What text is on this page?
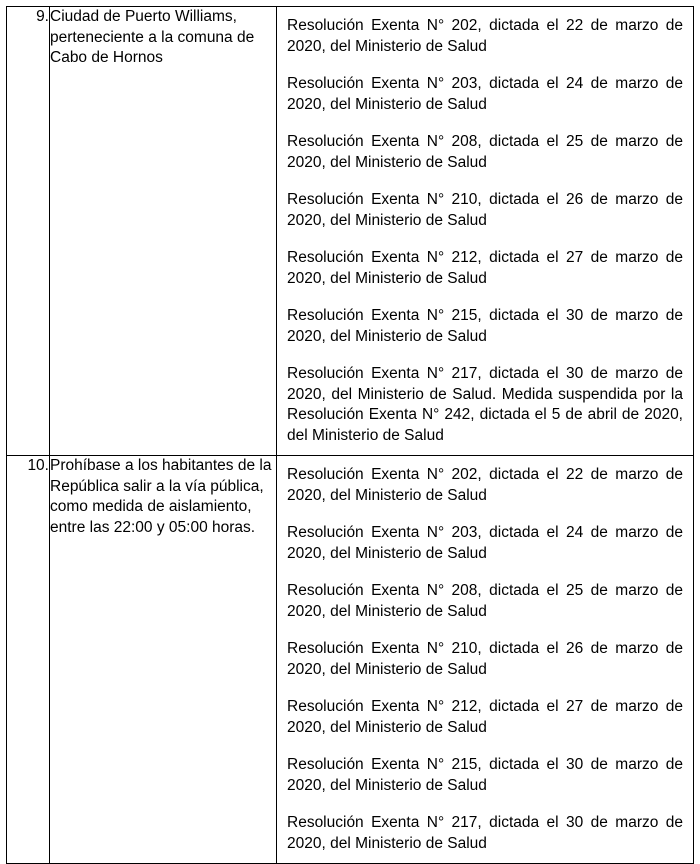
9.	Ciudad de Puerto Williams, perteneciente a la comuna de Cabo de Hornos

Resolución Exenta N° 202, dictada el 22 de marzo de 2020, del Ministerio de Salud
Resolución Exenta N° 203, dictada el 24 de marzo de 2020, del Ministerio de Salud
Resolución Exenta N° 208, dictada el 25 de marzo de 2020, del Ministerio de Salud
Resolución Exenta N° 210, dictada el 26 de marzo de 2020, del Ministerio de Salud
Resolución Exenta N° 212, dictada el 27 de marzo de 2020, del Ministerio de Salud
Resolución Exenta N° 215, dictada el 30 de marzo de 2020, del Ministerio de Salud
Resolución Exenta N° 217, dictada el 30 de marzo de 2020, del Ministerio de Salud. Medida suspendida por la Resolución Exenta N° 242, dictada el 5 de abril de 2020, del Ministerio de Salud

10.	Prohíbase a los habitantes de la República salir a la vía pública, como medida de aislamiento, entre las 22:00 y 05:00 horas.

Resolución Exenta N° 202, dictada el 22 de marzo de 2020, del Ministerio de Salud
Resolución Exenta N° 203, dictada el 24 de marzo de 2020, del Ministerio de Salud
Resolución Exenta N° 208, dictada el 25 de marzo de 2020, del Ministerio de Salud
Resolución Exenta N° 210, dictada el 26 de marzo de 2020, del Ministerio de Salud
Resolución Exenta N° 212, dictada el 27 de marzo de 2020, del Ministerio de Salud
Resolución Exenta N° 215, dictada el 30 de marzo de 2020, del Ministerio de Salud
Resolución Exenta N° 217, dictada el 30 de marzo de 2020, del Ministerio de Salud
